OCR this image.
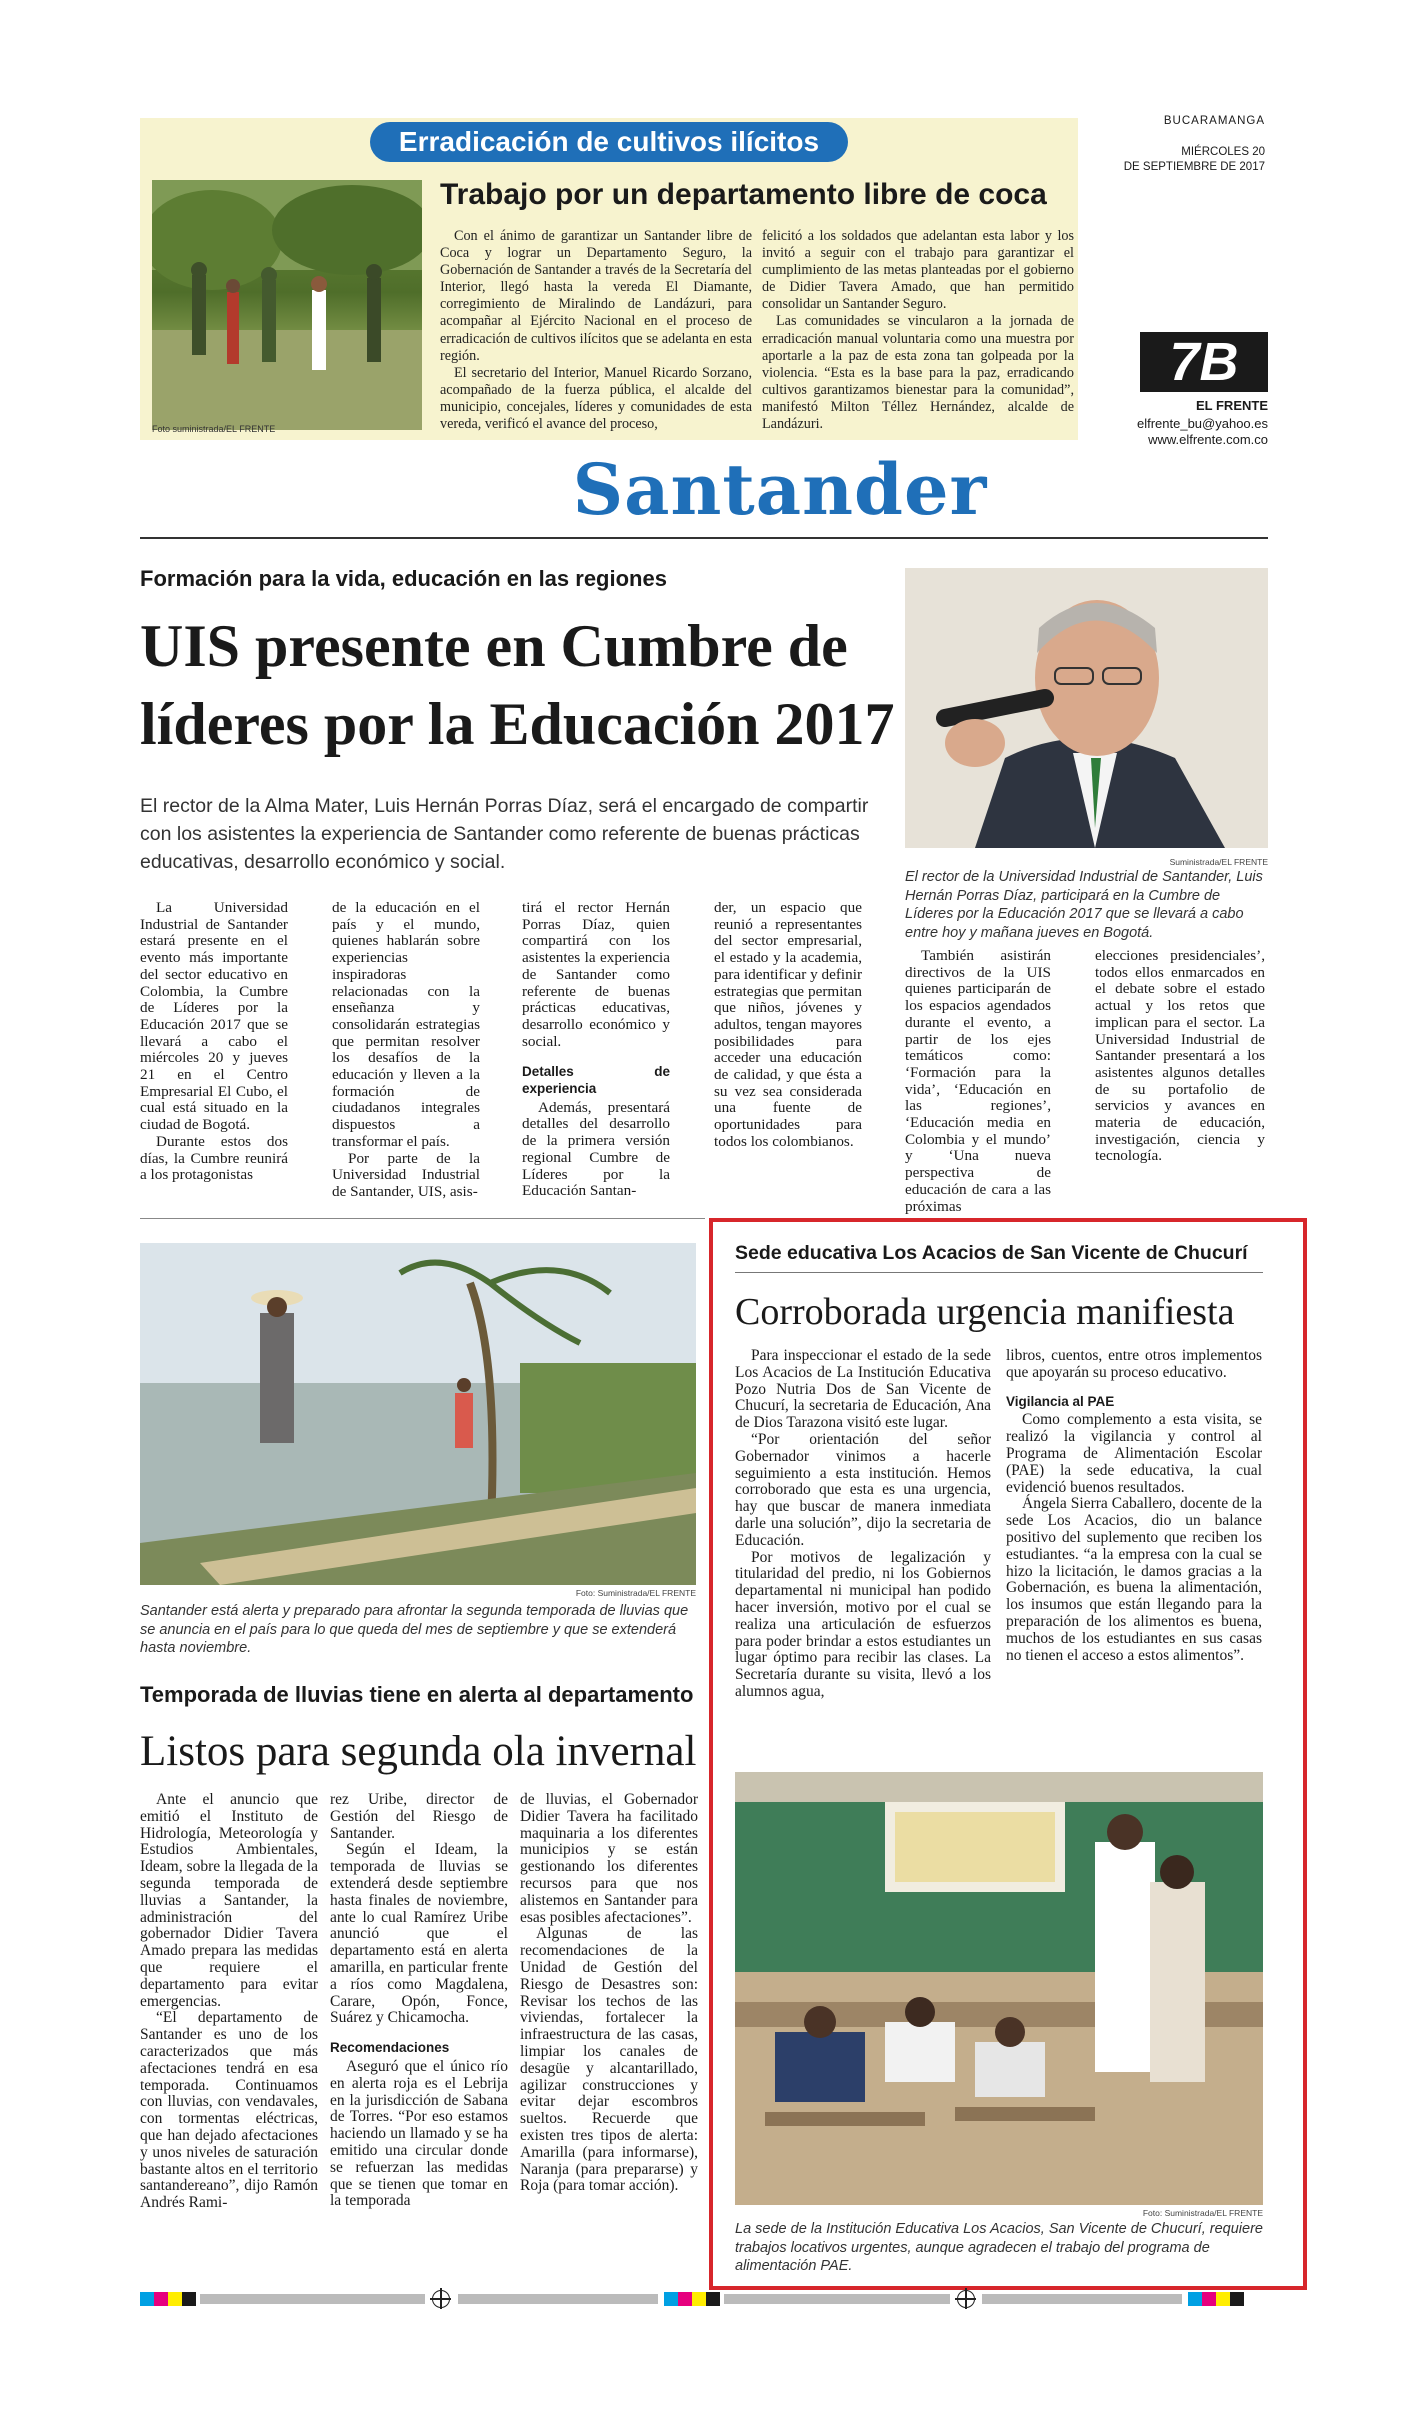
Erradicación de cultivos ilícitos
Foto suministrada/EL FRENTE
Trabajo por un departamento libre de coca

Con el ánimo de garantizar un Santander libre de Coca y lograr un Departamento Seguro, la Gobernación de Santander a través de la Secretaría del Interior, llegó hasta la vereda El Diamante, corregimiento de Miralindo de Landázuri, para acompañar al Ejército Nacional en el proceso de erradicación de cultivos ilícitos que se adelanta en esta región.

El secretario del Interior, Manuel Ricardo Sorzano, acompañado de la fuerza pública, el alcalde del municipio, concejales, líderes y comunidades de esta vereda, verificó el avance del proceso,

felicitó a los soldados que adelantan esta labor y los invitó a seguir con el trabajo para garantizar el cumplimiento de las metas planteadas por el gobierno de Didier Tavera Amado, que han permitido consolidar un Santander Seguro.

Las comunidades se vincularon a la jornada de erradicación manual voluntaria como una muestra por aportarle a la paz de esta zona tan golpeada por la violencia. “Esta es la base para la paz, erradicando cultivos garantizamos bienestar para la comunidad”, manifestó Milton Téllez Hernández, alcalde de Landázuri.

BUCARAMANGA
MIÉRCOLES 20
DE SEPTIEMBRE DE 2017
7B
EL FRENTE
elfrente_bu@yahoo.es
www.elfrente.com.co
Santander
Formación para la vida, educación en las regiones
UIS presente en Cumbre de
líderes por la Educación 2017
El rector de la Alma Mater, Luis Hernán Porras Díaz, será el encargado de compartir con los asistentes la experiencia de Santander como referente de buenas prácticas educativas, desarrollo económico y social.	Suministrada/EL FRENTE
El rector de la Universidad Industrial de Santander, Luis Hernán Porras Díaz, participará en la Cumbre de Líderes por la Educación 2017 que se llevará a cabo entre hoy y mañana jueves en Bogotá.

La Universidad Industrial de Santander estará presente en el evento más importante del sector educativo en Colombia, la Cumbre de Líderes por la Educación 2017 que se llevará a cabo el miércoles 20 y jueves 21 en el Centro Empresarial El Cubo, el cual está situado en la ciudad de Bogotá.

Durante estos dos días, la Cumbre reunirá a los protagonistas

de la educación en el país y el mundo, quienes hablarán sobre experiencias inspiradoras relacionadas con la enseñanza y consolidarán estrategias que permitan resolver los desafíos de la educación y lleven a la formación de ciudadanos integrales dispuestos a transformar el país.

Por parte de la Universidad Industrial de Santander, UIS, asis-

tirá el rector Hernán Porras Díaz, quien compartirá con los asistentes la experiencia de Santander como referente de buenas prácticas educativas, desarrollo económico y social.

Detalles de experiencia

Además, presentará detalles del desarrollo de la primera versión regional Cumbre de Líderes por la Educación Santan-

der, un espacio que reunió a representantes del sector empresarial, el estado y la academia, para identificar y definir estrategias que permitan que niños, jóvenes y adultos, tengan mayores posibilidades para acceder una educación de calidad, y que ésta a su vez sea considerada una fuente de oportunidades para todos los colombianos.

También asistirán directivos de la UIS quienes participarán de los espacios agendados durante el evento, a partir de los ejes temáticos como: ‘Formación para la vida’, ‘Educación en las regiones’, ‘Educación media en Colombia y el mundo’ y ‘Una nueva perspectiva de educación de cara a las próximas

elecciones presidenciales’, todos ellos enmarcados en el debate sobre el estado actual y los retos que implican para el sector. La Universidad Industrial de Santander presentará a los asistentes algunos detalles de su portafolio de servicios y avances en materia de educación, investigación, ciencia y tecnología.

Foto: Suministrada/EL FRENTE
Santander está alerta y preparado para afrontar la segunda temporada de lluvias que se anuncia en el país para lo que queda del mes de septiembre y que se extenderá hasta noviembre.
Temporada de lluvias tiene en alerta al departamento
Listos para segunda ola invernal

Ante el anuncio que emitió el Instituto de Hidrología, Meteorología y Estudios Ambientales, Ideam, sobre la llegada de la segunda temporada de lluvias a Santander, la administración del gobernador Didier Tavera Amado prepara las medidas que requiere el departamento para evitar emergencias.

“El departamento de Santander es uno de los caracterizados que más afectaciones tendrá en esa temporada. Continuamos con lluvias, con vendavales, con tormentas eléctricas, que han dejado afectaciones y unos niveles de saturación bastante altos en el territorio santandereano”, dijo Ramón Andrés Rami-

rez Uribe, director de Gestión del Riesgo de Santander.

Según el Ideam, la temporada de lluvias se extenderá desde septiembre hasta finales de noviembre, ante lo cual Ramírez Uribe anunció que el departamento está en alerta amarilla, en particular frente a ríos como Magdalena, Carare, Opón, Fonce, Suárez y Chicamocha.

Recomendaciones

Aseguró que el único río en alerta roja es el Lebrija en la jurisdicción de Sabana de Torres. “Por eso estamos haciendo un llamado y se ha emitido una circular donde se refuerzan las medidas que se tienen que tomar en la temporada

de lluvias, el Gobernador Didier Tavera ha facilitado maquinaria a los diferentes municipios y se están gestionando los diferentes recursos para que nos alistemos en Santander para esas posibles afectaciones”.

Algunas de las recomendaciones de la Unidad de Gestión del Riesgo de Desastres son: Revisar los techos de las viviendas, fortalecer la infraestructura de las casas, limpiar los canales de desagüe y alcantarillado, agilizar construcciones y evitar dejar escombros sueltos. Recuerde que existen tres tipos de alerta: Amarilla (para informarse), Naranja (para prepararse) y Roja (para tomar acción).

Sede educativa Los Acacios de San Vicente de Chucurí
Corroborada urgencia manifiesta

Para inspeccionar el estado de la sede Los Acacios de La Institución Educativa Pozo Nutria Dos de San Vicente de Chucurí, la secretaria de Educación, Ana de Dios Tarazona visitó este lugar.

“Por orientación del señor Gobernador vinimos a hacerle seguimiento a esta institución. Hemos corroborado que esta es una urgencia, hay que buscar de manera inmediata darle una solución”, dijo la secretaria de Educación.

Por motivos de legalización y titularidad del predio, ni los Gobiernos departamental ni municipal han podido hacer inversión, motivo por el cual se realiza una articulación de esfuerzos para poder brindar a estos estudiantes un lugar óptimo para recibir las clases. La Secretaría durante su visita, llevó a los alumnos agua,

libros, cuentos, entre otros implementos que apoyarán su proceso educativo.

Vigilancia al PAE

Como complemento a esta visita, se realizó la vigilancia y control al Programa de Alimentación Escolar (PAE) la sede educativa, la cual evidenció buenos resultados.

Ángela Sierra Caballero, docente de la sede Los Acacios, dio un balance positivo del suplemento que reciben los estudiantes. “a la empresa con la cual se hizo la licitación, le damos gracias a la Gobernación, es buena la alimentación, los insumos que están llegando para la preparación de los alimentos es buena, muchos de los estudiantes en sus casas no tienen el acceso a estos alimentos”.

Foto: Suministrada/EL FRENTE
La sede de la Institución Educativa Los Acacios, San Vicente de Chucurí, requiere trabajos locativos urgentes, aunque agradecen el trabajo del programa de alimentación PAE.
